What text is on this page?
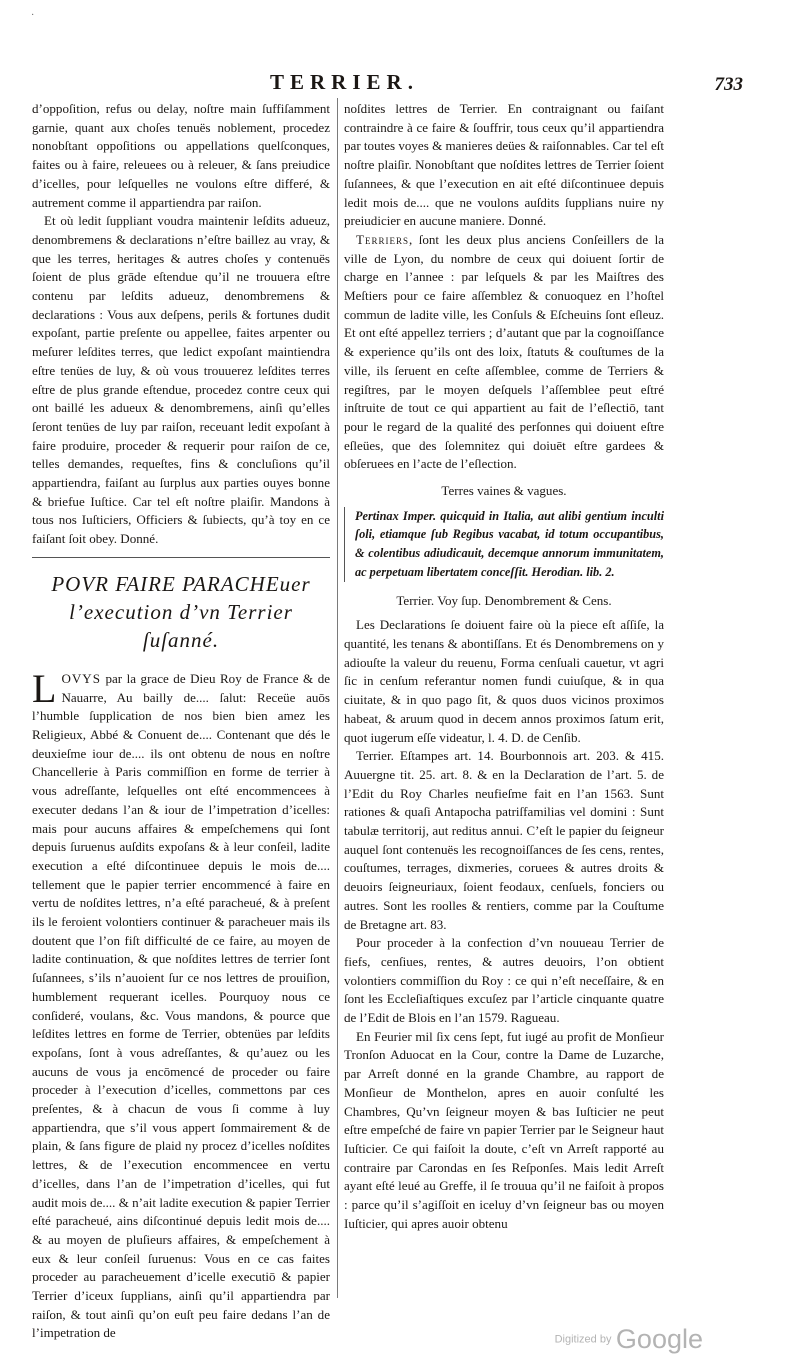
·
TERRIER.	733

d’oppoſition, refus ou delay, noſtre main ſuffiſamment garnie, quant aux choſes tenuës noblement, procedez nonobſtant oppoſitions ou appellations quelſconques, faites ou à faire, releuees ou à releuer, & ſans preiudice d’icelles, pour leſquelles ne voulons eſtre differé, & autrement comme il appartiendra par raiſon.

Et où ledit ſuppliant voudra maintenir leſdits adueuz, denombremens & declarations n’eſtre baillez au vray, & que les terres, heritages & autres choſes y contenuës ſoient de plus grāde eſtendue qu’il ne trouuera eſtre contenu par leſdits adueuz, denombremens & declarations : Vous aux deſpens, perils & fortunes dudit expoſant, partie preſente ou appellee, faites arpenter ou meſurer leſdites terres, que ledict expoſant maintiendra eſtre tenües de luy, & où vous trouuerez leſdites terres eſtre de plus grande eſtendue, procedez contre ceux qui ont baillé les adueux & denombremens, ainſi qu’elles ſeront tenües de luy par raiſon, receuant ledit expoſant à faire produire, proceder & requerir pour raiſon de ce, telles demandes, requeſtes, fins & concluſions qu’il appartiendra, faiſant au ſurplus aux parties ouyes bonne & briefue Iuſtice. Car tel eſt noſtre plaiſir. Mandons à tous nos Iuſticiers, Officiers & ſubiects, qu’à toy en ce faiſant ſoit obey. Donné.

POVR FAIRE PARACHEuer l’execution d’vn Terrier
ſuſanné.

L OVYS par la grace de Dieu Roy de France & de Nauarre, Au bailly de.... ſalut: Receüe auōs l’humble ſupplication de nos bien bien amez les Religieux, Abbé & Conuent de.... Contenant que dés le deuxieſme iour de.... ils ont obtenu de nous en noſtre Chancellerie à Paris commiſſion en forme de terrier à vous adreſſante, leſquelles ont eſté encommencees à executer dedans l’an & iour de l’impetration d’icelles: mais pour aucuns affaires & empeſchemens qui ſont depuis ſuruenus auſdits expoſans & à leur conſeil, ladite execution a eſté diſcontinuee depuis le mois de.... tellement que le papier terrier encommencé à faire en vertu de noſdites lettres, n’a eſté paracheué, & à preſent ils le feroient volontiers continuer & paracheuer mais ils doutent que l’on fiſt difficulté de ce faire, au moyen de ladite continuation, & que noſdites lettres de terrier ſont ſuſannees, s’ils n’auoient ſur ce nos lettres de prouiſion, humblement requerant icelles. Pourquoy nous ce conſideré, voulans, &c. Vous mandons, & pource que leſdites lettres en forme de Terrier, obtenües par leſdits expoſans, ſont à vous adreſſantes, & qu’auez ou les aucuns de vous ja encōmencé de proceder ou faire proceder à l’execution d’icelles, commettons par ces preſentes, & à chacun de vous ſi comme à luy appartiendra, que s’il vous appert ſommairement & de plain, & ſans figure de plaid ny procez d’icelles noſdites lettres, & de l’execution encommencee en vertu d’icelles, dans l’an de l’impetration d’icelles, qui fut audit mois de.... & n’ait ladite execution & papier Terrier eſté paracheué, ains diſcontinué depuis ledit mois de.... & au moyen de pluſieurs affaires, & empeſchement à eux & leur conſeil ſuruenus: Vous en ce cas faites proceder au paracheuement d’icelle executiō & papier Terrier d’iceux ſupplians, ainſi qu’il appartiendra par raiſon, & tout ainſi qu’on euſt peu faire dedans l’an de l’impetration de

noſdites lettres de Terrier. En contraignant ou faiſant contraindre à ce faire & ſouffrir, tous ceux qu’il appartiendra par toutes voyes & manieres deües & raiſonnables. Car tel eſt noſtre plaiſir. Nonobſtant que noſdites lettres de Terrier ſoient ſuſannees, & que l’execution en ait eſté diſcontinuee depuis ledit mois de.... que ne voulons auſdits ſupplians nuire ny preiudicier en aucune maniere. Donné.

Terriers, ſont les deux plus anciens Conſeillers de la ville de Lyon, du nombre de ceux qui doiuent ſortir de charge en l’annee : par leſquels & par les Maiſtres des Meſtiers pour ce faire aſſemblez & conuoquez en l’hoſtel commun de ladite ville, les Conſuls & Eſcheuins ſont eſleuz. Et ont eſté appellez terriers ; d’autant que par la cognoiſſance & experience qu’ils ont des loix, ſtatuts & couſtumes de la ville, ils ſeruent en ceſte aſſemblee, comme de Terriers & regiſtres, par le moyen deſquels l’aſſemblee peut eſtré inſtruite de tout ce qui appartient au fait de l’eſlectiō, tant pour le regard de la qualité des perſonnes qui doiuent eſtre eſleües, que des ſolemnitez qui doiuēt eſtre gardees & obſeruees en l’acte de l’eſlection.

Terres vaines & vagues.

Pertinax Imper. quicquid in Italia, aut alibi gentium inculti ſoli, etiamque ſub Regibus vacabat, id totum occupantibus, & colentibus adiudicauit, decemque annorum immunitatem, ac perpetuam libertatem conceſſit. Herodian. lib. 2.

Terrier. Voy ſup. Denombrement & Cens.

Les Declarations ſe doiuent faire où la piece eſt aſſiſe, la quantité, les tenans & abontiſſans. Et és Denombremens on y adiouſte la valeur du reuenu, Forma cenſuali cauetur, vt agri ſic in cenſum referantur nomen fundi cuiuſque, & in qua ciuitate, & in quo pago ſit, & quos duos vicinos proximos habeat, & aruum quod in decem annos proximos ſatum erit, quot iugerum eſſe videatur, l. 4. D. de Cenſib.

Terrier. Eſtampes art. 14. Bourbonnois art. 203. & 415. Auuergne tit. 25. art. 8. & en la Declaration de l’art. 5. de l’Edit du Roy Charles neufieſme fait en l’an 1563. Sunt rationes & quaſi Antapocha patriſfamilias vel domini : Sunt tabulæ territorij, aut reditus annui. C’eſt le papier du ſeigneur auquel ſont contenuës les recognoiſſances de ſes cens, rentes, couſtumes, terrages, dixmeries, coruees & autres droits & deuoirs ſeigneuriaux, ſoient feodaux, cenſuels, fonciers ou autres. Sont les roolles & rentiers, comme par la Couſtume de Bretagne art. 83.

Pour proceder à la confection d’vn nouueau Terrier de fiefs, cenſiues, rentes, & autres deuoirs, l’on obtient volontiers commiſſion du Roy : ce qui n’eſt neceſſaire, & en ſont les Eccleſiaſtiques excuſez par l’article cinquante quatre de l’Edit de Blois en l’an 1579. Ragueau.

En Feurier mil ſix cens ſept, fut iugé au profit de Monſieur Tronſon Aduocat en la Cour, contre la Dame de Luzarche, par Arreſt donné en la grande Chambre, au rapport de Monſieur de Monthelon, apres en auoir conſulté les Chambres, Qu’vn ſeigneur moyen & bas Iuſticier ne peut eſtre empeſché de faire vn papier Terrier par le Seigneur haut Iuſticier. Ce qui faiſoit la doute, c’eſt vn Arreſt rapporté au contraire par Carondas en ſes Reſponſes. Mais ledit Arreſt ayant eſté leué au Greffe, il ſe trouua qu’il ne faiſoit à propos : parce qu’il s’agiſſoit en iceluy d’vn ſeigneur bas ou moyen Iuſticier, qui apres auoir obtenu

Digitized by Google
